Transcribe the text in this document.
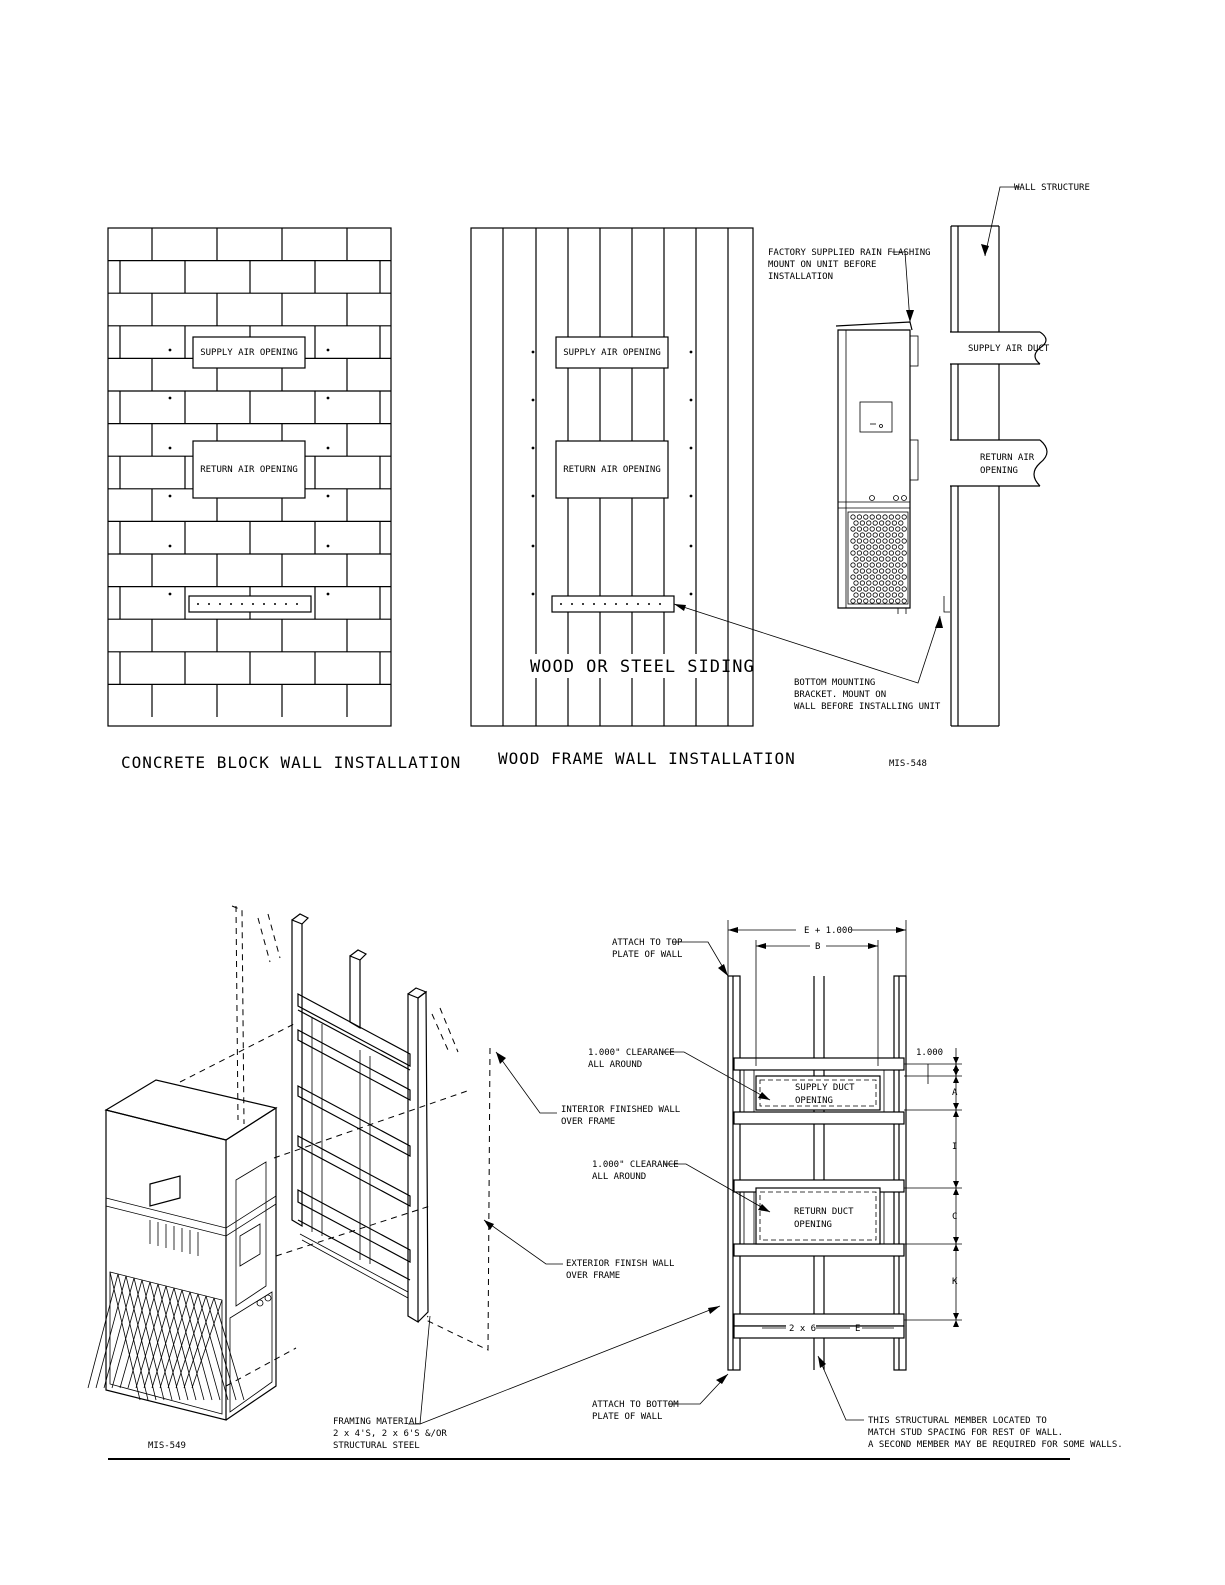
SUPPLY AIR OPENING
RETURN AIR OPENING
CONCRETE BLOCK WALL INSTALLATION
SUPPLY AIR OPENING
RETURN AIR OPENING
WOOD OR STEEL SIDING
WOOD FRAME WALL INSTALLATION
SUPPLY AIR DUCT
RETURN AIR
OPENING
WALL STRUCTURE
FACTORY SUPPLIED RAIN FLASHING
MOUNT ON UNIT BEFORE
INSTALLATION
BOTTOM MOUNTING
BRACKET. MOUNT ON
WALL BEFORE INSTALLING UNIT
MIS-548
Bard
INTERIOR FINISHED WALL
OVER FRAME
EXTERIOR FINISH WALL
OVER FRAME
FRAMING MATERIAL
2 x 4'S, 2 x 6'S &/OR
STRUCTURAL STEEL
MIS-549
SUPPLY DUCT
OPENING
RETURN DUCT
OPENING
2 x 6	E
E + 1.000
B
1.000
A
I
C
K
ATTACH TO TOP
PLATE OF WALL
1.000" CLEARANCE
ALL AROUND
1.000" CLEARANCE
ALL AROUND
ATTACH TO BOTTOM
PLATE OF WALL	THIS STRUCTURAL MEMBER LOCATED TO
MATCH STUD SPACING FOR REST OF WALL.
A SECOND MEMBER MAY BE REQUIRED FOR SOME WALLS.
